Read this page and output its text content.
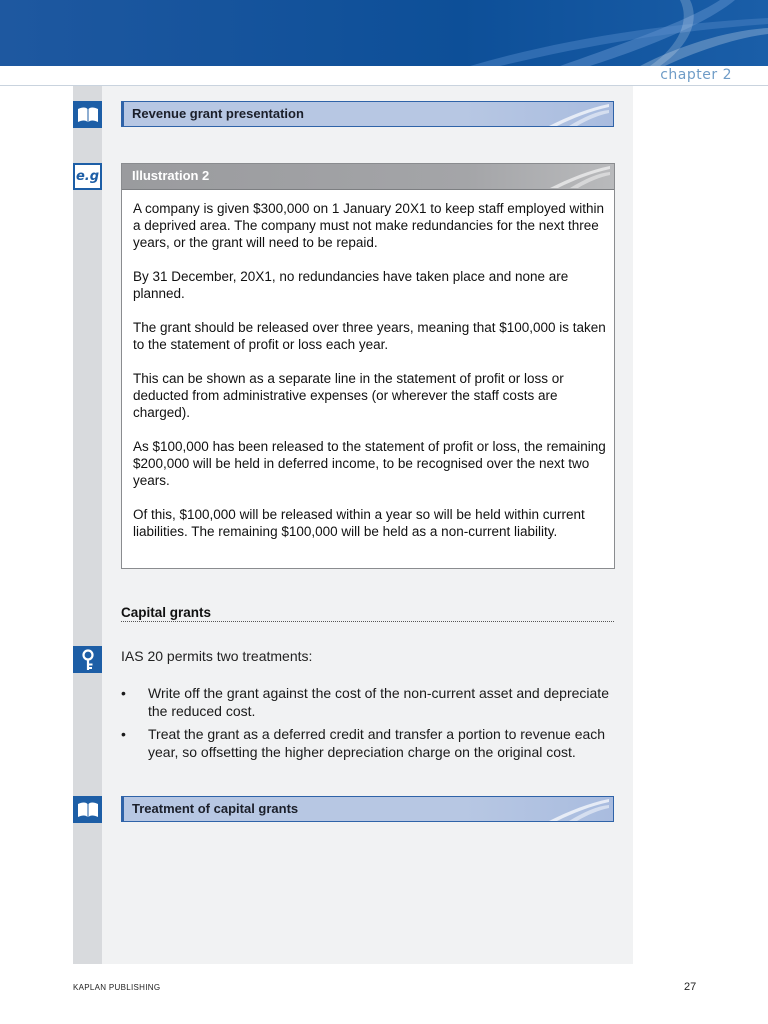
chapter 2
Revenue grant presentation
e.g	Illustration 2

A company is given $300,000 on 1 January 20X1 to keep staff employed within a deprived area. The company must not make redundancies for the next three years, or the grant will need to be repaid.

By 31 December, 20X1, no redundancies have taken place and none are planned.

The grant should be released over three years, meaning that $100,000 is taken to the statement of profit or loss each year.

This can be shown as a separate line in the statement of profit or loss or deducted from administrative expenses (or wherever the staff costs are charged).

As $100,000 has been released to the statement of profit or loss, the remaining $200,000 will be held in deferred income, to be recognised over the next two years.

Of this, $100,000 will be released within a year so will be held within current liabilities. The remaining $100,000 will be held as a non-current liability.

Capital grants
IAS 20 permits two treatments:
• Write off the grant against the cost of the non-current asset and depreciate the reduced cost.
• Treat the grant as a deferred credit and transfer a portion to revenue each year, so offsetting the higher depreciation charge on the original cost.
Treatment of capital grants
KAPLAN PUBLISHING	27
